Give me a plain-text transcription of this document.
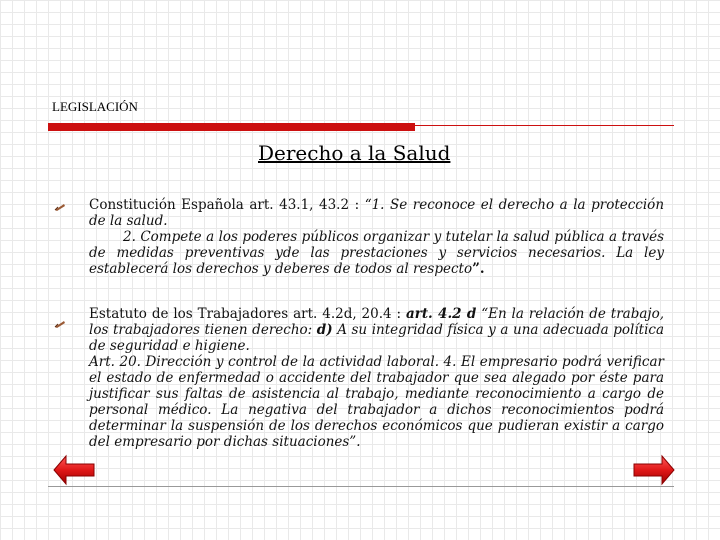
LEGISLACIÓN
Derecho a la Salud
Constitución Española art. 43.1, 43.2 : “1. Se reconoce el derecho a la protección de la salud.
2. Compete a los poderes públicos organizar y tutelar la salud pública a través de medidas preventivas yde las prestaciones y servicios necesarios. La ley establecerá los derechos y deberes de todos al respecto”.
Estatuto de los Trabajadores art. 4.2d, 20.4 : art. 4.2 d “En la relación de trabajo, los trabajadores tienen derecho: d) A su integridad física y a una adecuada política de seguridad e higiene.
Art. 20. Dirección y control de la actividad laboral. 4. El empresario podrá verificar el estado de enfermedad o accidente del trabajador que sea alegado por éste para justificar sus faltas de asistencia al trabajo, mediante reconocimiento a cargo de personal médico. La negativa del trabajador a dichos reconocimientos podrá determinar la suspensión de los derechos económicos que pudieran existir a cargo del empresario por dichas situaciones”.
